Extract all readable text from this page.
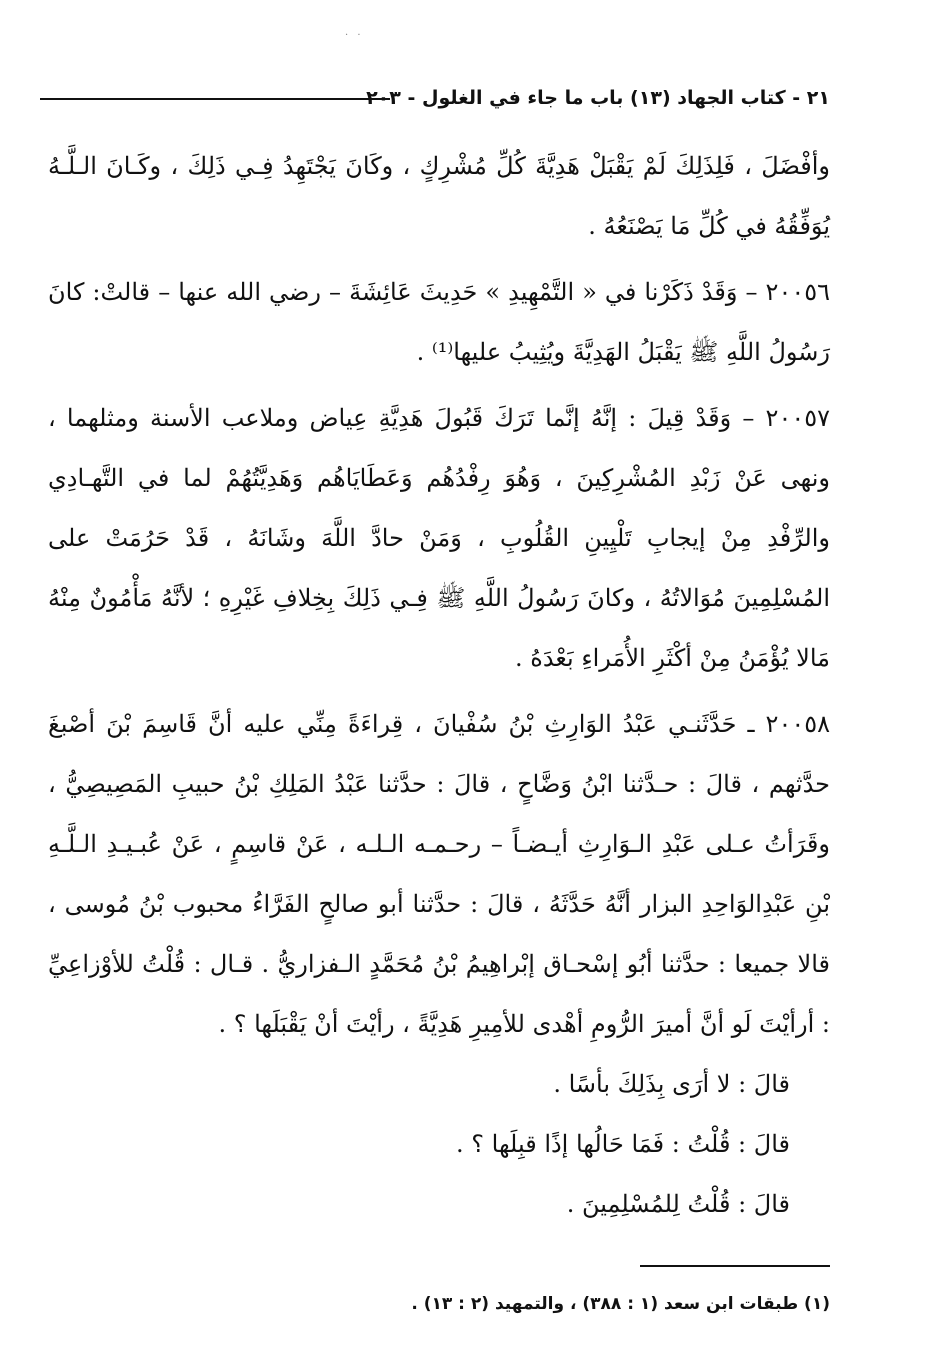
· ·
٢١ - كتاب الجهاد (١٣) باب ما جاء في الغلول - ٢٠٣

وأفْضَلَ ، فَلِذَلِكَ لَمْ يَقْبَلْ هَدِيَّةَ كُلِّ مُشْرِكٍ ، وكَانَ يَجْتَهِدُ فِـي ذَلِكَ ، وكَـانَ الـلَّـهُ يُوَفِّقُهُ في كُلِّ مَا يَصْنَعُهُ .

٢٠٠٥٦ – وَقَدْ ذَكَرْنا في « التَّمْهِيدِ » حَدِيثَ عَائِشَةَ – رضي الله عنها – قالتْ: كانَ رَسُولُ اللَّهِ ﷺ يَقْبَلُ الهَدِيَّةَ ويُثِيبُ عليها⁽¹⁾ .

٢٠٠٥٧ – وَقَدْ قِيلَ : إنَّهُ إنَّما تَرَكَ قَبُولَ هَدِيَّةِ عِياض وملاعب الأسنة ومثلهما ، ونهى عَنْ زَبْدِ المُشْرِكِينَ ، وَهُوَ رِفْدُهُم وَعَطَايَاهُم وَهَدِيَّتُهُمْ لما في التَّهـادِي والرِّفْدِ مِنْ إيجابِ تَلْيِينِ القُلُوبِ ، وَمَنْ حادَّ اللَّهَ وشَانَهُ ، قَدْ حَرُمَتْ على المُسْلِمِينَ مُوَالاتُهُ ، وكانَ رَسُولُ اللَّهِ ﷺ فِـي ذَلِكَ بِخِلافِ غَيْرِهِ ؛ لأنَّهُ مَأْمُونٌ مِنْهُ مَالا يُؤْمَنُ مِنْ أكْثَرِ الأُمَراءِ بَعْدَهُ .

٢٠٠٥٨ ـ حَدَّثَنـي عَبْدُ الوَارِثِ بْنُ سُفْيانَ ، قِراءَةً مِنِّي عليه أنَّ قَاسِمَ بْنَ أصْبغَ حدَّثهم ، قالَ : حـدَّثنا ابْنُ وَضَّاحٍ ، قالَ : حدَّثنا عَبْدُ المَلِكِ بْنُ حبيبِ المَصِيصِيُّ ، وقَرَأتُ عـلى عَبْدِ الـوَارِثِ أيـضـاً – رحـمـه الـلـه ، عَنْ قاسِمٍ ، عَنْ عُبـيـدِ الـلَّـهِ بْنِ عَبْدِالوَاحِدِ البزار أنَّهُ حَدَّثَهُ ، قالَ : حدَّثنا أبو صالحٍ الفَرَّاءُ محبوب بْنُ مُوسى ، قالا جميعا : حدَّثنا أبُو إسْحـاق إبْراهِيمُ بْنُ مُحَمَّدٍ الـفزاريُّ . قـال : قُلْتُ للأوْزاعِيِّ : أرأيْتَ لَو أنَّ أميرَ الرُّومِ أهْدى للأمِيرِ هَدِيَّةً ، رأيْتَ أنْ يَقْبَلَها ؟ .

قالَ : لا أرَى بِذَلِكَ بأسًا .

قالَ : قُلْتُ : فَمَا حَالُها إذًا قبِلَها ؟ .

قالَ : قُلْتُ لِلمُسْلِمِينَ .

(١) طبقات ابن سعد (١ : ٣٨٨) ، والتمهيد (٢ : ١٣) .
